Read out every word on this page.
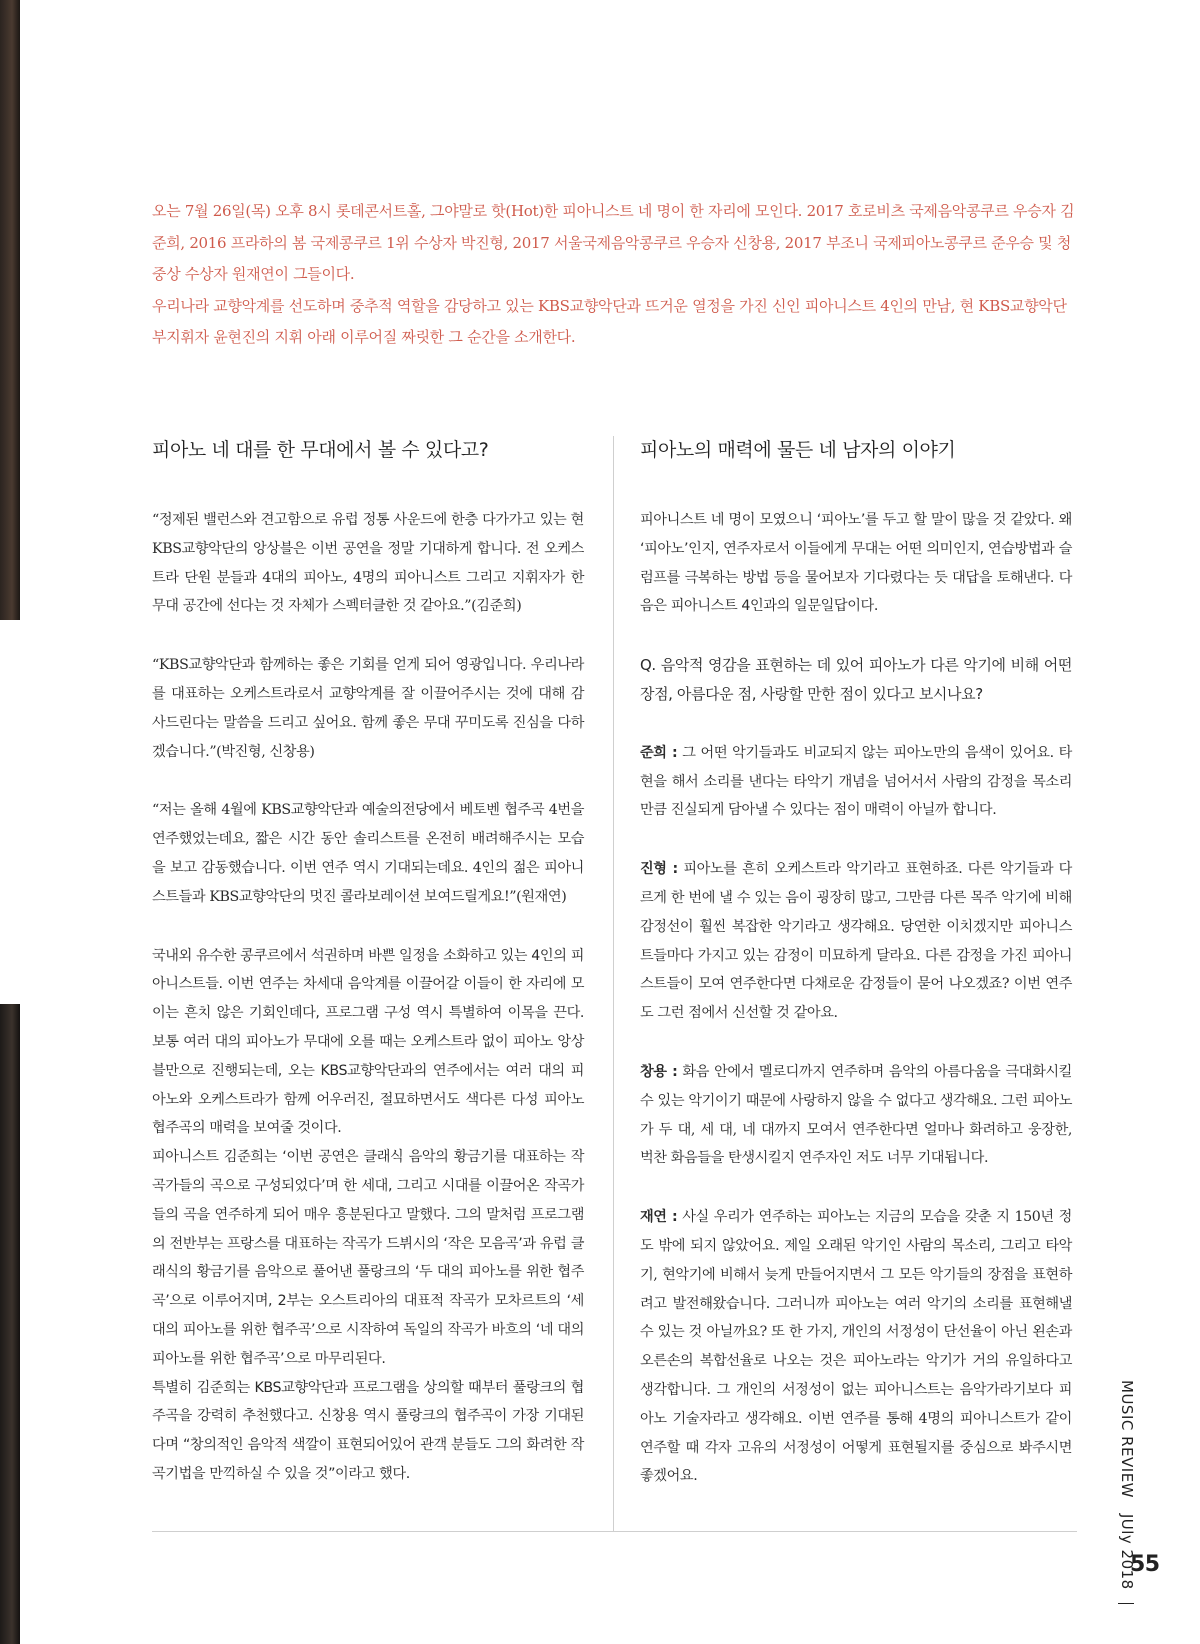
오는 7월 26일(목) 오후 8시 롯데콘서트홀, 그야말로 핫(Hot)한 피아니스트 네 명이 한 자리에 모인다. 2017 호로비츠 국제음악콩쿠르 우승자 김준희, 2016 프라하의 봄 국제콩쿠르 1위 수상자 박진형, 2017 서울국제음악콩쿠르 우승자 신창용, 2017 부조니 국제피아노콩쿠르 준우승 및 청중상 수상자 원재연이 그들이다.

우리나라 교향악계를 선도하며 중추적 역할을 감당하고 있는 KBS교향악단과 뜨거운 열정을 가진 신인 피아니스트 4인의 만남, 현 KBS교향악단 부지휘자 윤현진의 지휘 아래 이루어질 짜릿한 그 순간을 소개한다.

피아노 네 대를 한 무대에서 볼 수 있다고?

“정제된 밸런스와 견고함으로 유럽 정통 사운드에 한층 다가가고 있는 현 KBS교향악단의 앙상블은 이번 공연을 정말 기대하게 합니다. 전 오케스트라 단원 분들과 4대의 피아노, 4명의 피아니스트 그리고 지휘자가 한 무대 공간에 선다는 것 자체가 스펙터클한 것 같아요.”(김준희)

“KBS교향악단과 함께하는 좋은 기회를 얻게 되어 영광입니다. 우리나라를 대표하는 오케스트라로서 교향악계를 잘 이끌어주시는 것에 대해 감사드린다는 말씀을 드리고 싶어요. 함께 좋은 무대 꾸미도록 진심을 다하겠습니다.”(박진형, 신창용)

“저는 올해 4월에 KBS교향악단과 예술의전당에서 베토벤 협주곡 4번을 연주했었는데요, 짧은 시간 동안 솔리스트를 온전히 배려해주시는 모습을 보고 감동했습니다. 이번 연주 역시 기대되는데요. 4인의 젊은 피아니스트들과 KBS교향악단의 멋진 콜라보레이션 보여드릴게요!”(원재연)

국내외 유수한 콩쿠르에서 석권하며 바쁜 일정을 소화하고 있는 4인의 피아니스트들. 이번 연주는 차세대 음악계를 이끌어갈 이들이 한 자리에 모이는 흔치 않은 기회인데다, 프로그램 구성 역시 특별하여 이목을 끈다. 보통 여러 대의 피아노가 무대에 오를 때는 오케스트라 없이 피아노 앙상블만으로 진행되는데, 오는 KBS교향악단과의 연주에서는 여러 대의 피아노와 오케스트라가 함께 어우러진, 절묘하면서도 색다른 다성 피아노 협주곡의 매력을 보여줄 것이다.

피아니스트 김준희는 ‘이번 공연은 클래식 음악의 황금기를 대표하는 작곡가들의 곡으로 구성되었다’며 한 세대, 그리고 시대를 이끌어온 작곡가들의 곡을 연주하게 되어 매우 흥분된다고 말했다. 그의 말처럼 프로그램의 전반부는 프랑스를 대표하는 작곡가 드뷔시의 ‘작은 모음곡’과 유럽 클래식의 황금기를 음악으로 풀어낸 풀랑크의 ‘두 대의 피아노를 위한 협주곡’으로 이루어지며, 2부는 오스트리아의 대표적 작곡가 모차르트의 ‘세 대의 피아노를 위한 협주곡’으로 시작하여 독일의 작곡가 바흐의 ‘네 대의 피아노를 위한 협주곡’으로 마무리된다.

특별히 김준희는 KBS교향악단과 프로그램을 상의할 때부터 풀랑크의 협주곡을 강력히 추천했다고. 신창용 역시 풀랑크의 협주곡이 가장 기대된다며 “창의적인 음악적 색깔이 표현되어있어 관객 분들도 그의 화려한 작곡기법을 만끽하실 수 있을 것”이라고 했다.

피아노의 매력에 물든 네 남자의 이야기

피아니스트 네 명이 모였으니 ‘피아노’를 두고 할 말이 많을 것 같았다. 왜 ‘피아노’인지, 연주자로서 이들에게 무대는 어떤 의미인지, 연습방법과 슬럼프를 극복하는 방법 등을 물어보자 기다렸다는 듯 대답을 토해낸다. 다음은 피아니스트 4인과의 일문일답이다.

Q. 음악적 영감을 표현하는 데 있어 피아노가 다른 악기에 비해 어떤 장점, 아름다운 점, 사랑할 만한 점이 있다고 보시나요?

준희 : 그 어떤 악기들과도 비교되지 않는 피아노만의 음색이 있어요. 타현을 해서 소리를 낸다는 타악기 개념을 넘어서서 사람의 감정을 목소리만큼 진실되게 담아낼 수 있다는 점이 매력이 아닐까 합니다.

진형 : 피아노를 흔히 오케스트라 악기라고 표현하죠. 다른 악기들과 다르게 한 번에 낼 수 있는 음이 굉장히 많고, 그만큼 다른 목주 악기에 비해 감정선이 훨씬 복잡한 악기라고 생각해요. 당연한 이치겠지만 피아니스트들마다 가지고 있는 감정이 미묘하게 달라요. 다른 감정을 가진 피아니스트들이 모여 연주한다면 다채로운 감정들이 묻어 나오겠죠? 이번 연주도 그런 점에서 신선할 것 같아요.

창용 : 화음 안에서 멜로디까지 연주하며 음악의 아름다움을 극대화시킬 수 있는 악기이기 때문에 사랑하지 않을 수 없다고 생각해요. 그런 피아노가 두 대, 세 대, 네 대까지 모여서 연주한다면 얼마나 화려하고 웅장한, 벅찬 화음들을 탄생시킬지 연주자인 저도 너무 기대됩니다.

재연 : 사실 우리가 연주하는 피아노는 지금의 모습을 갖춘 지 150년 정도 밖에 되지 않았어요. 제일 오래된 악기인 사람의 목소리, 그리고 타악기, 현악기에 비해서 늦게 만들어지면서 그 모든 악기들의 장점을 표현하려고 발전해왔습니다. 그러니까 피아노는 여러 악기의 소리를 표현해낼 수 있는 것 아닐까요? 또 한 가지, 개인의 서정성이 단선율이 아닌 왼손과 오른손의 복합선율로 나오는 것은 피아노라는 악기가 거의 유일하다고 생각합니다. 그 개인의 서정성이 없는 피아니스트는 음악가라기보다 피아노 기술자라고 생각해요. 이번 연주를 통해 4명의 피아니스트가 같이 연주할 때 각자 고유의 서정성이 어떻게 표현될지를 중심으로 봐주시면 좋겠어요.	MUSIC REVIEW   JUly 2018
55
